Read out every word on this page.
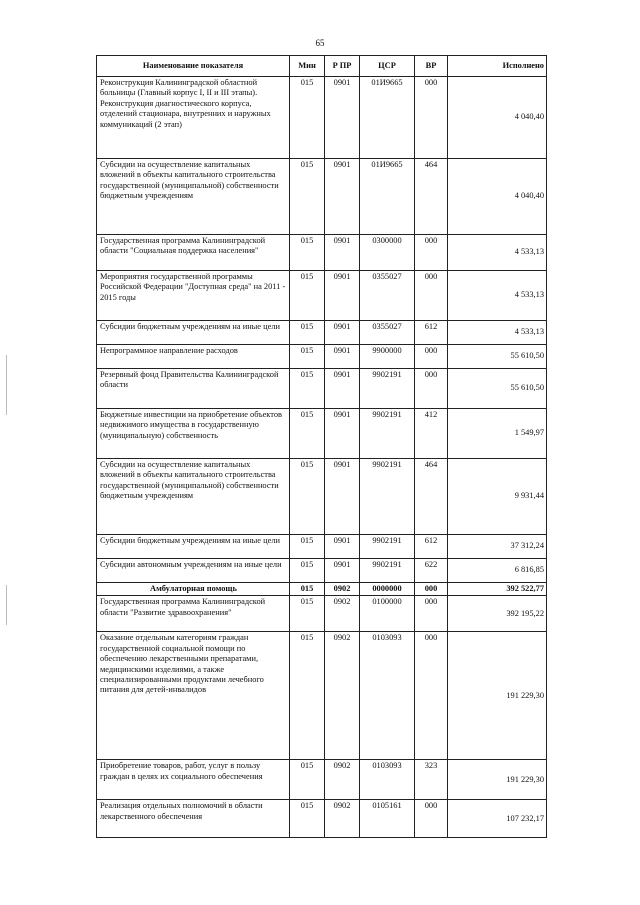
65
Наименование показателя	Мин	Р ПР	ЦСР	ВР	Исполнено
Реконструкция Калининградской областной больницы (Главный корпус I, II и III этапы). Реконструкция диагностического корпуса, отделений стационара, внутренних и наружных коммуникаций (2 этап)	015	0901	01И9665	000	4 040,40
Субсидии на осуществление капитальных вложений в объекты капитального строительства государственной (муниципальной) собственности бюджетным учреждениям	015	0901	01И9665	464	4 040,40
Государственная программа Калининградской области "Социальная поддержка населения"	015	0901	0300000	000	4 533,13
Мероприятия государственной программы Российской Федерации "Доступная среда" на 2011 - 2015 годы	015	0901	0355027	000	4 533,13
Субсидии бюджетным учреждениям на иные цели	015	0901	0355027	612	4 533,13
Непрограммное направление расходов	015	0901	9900000	000	55 610,50
Резервный фонд Правительства Калининградской области	015	0901	9902191	000	55 610,50
Бюджетные инвестиции на приобретение объектов недвижимого имущества в государственную (муниципальную) собственность	015	0901	9902191	412	1 549,97
Субсидии на осуществление капитальных вложений в объекты капитального строительства государственной (муниципальной) собственности бюджетным учреждениям	015	0901	9902191	464	9 931,44
Субсидии бюджетным учреждениям на иные цели	015	0901	9902191	612	37 312,24
Субсидии автономным учреждениям на иные цели	015	0901	9902191	622	6 816,85
Амбулаторная помощь	015	0902	0000000	000	392 522,77
Государственная программа Калининградской области "Развитие здравоохранения"	015	0902	0100000	000	392 195,22
Оказание отдельным категориям граждан государственной социальной помощи по обеспечению лекарственными препаратами, медицинскими изделиями, а также специализированными продуктами лечебного питания для детей-инвалидов	015	0902	0103093	000	191 229,30
Приобретение товаров, работ, услуг в пользу граждан в целях их социального обеспечения	015	0902	0103093	323	191 229,30
Реализация отдельных полномочий в области лекарственного обеспечения	015	0902	0105161	000	107 232,17
